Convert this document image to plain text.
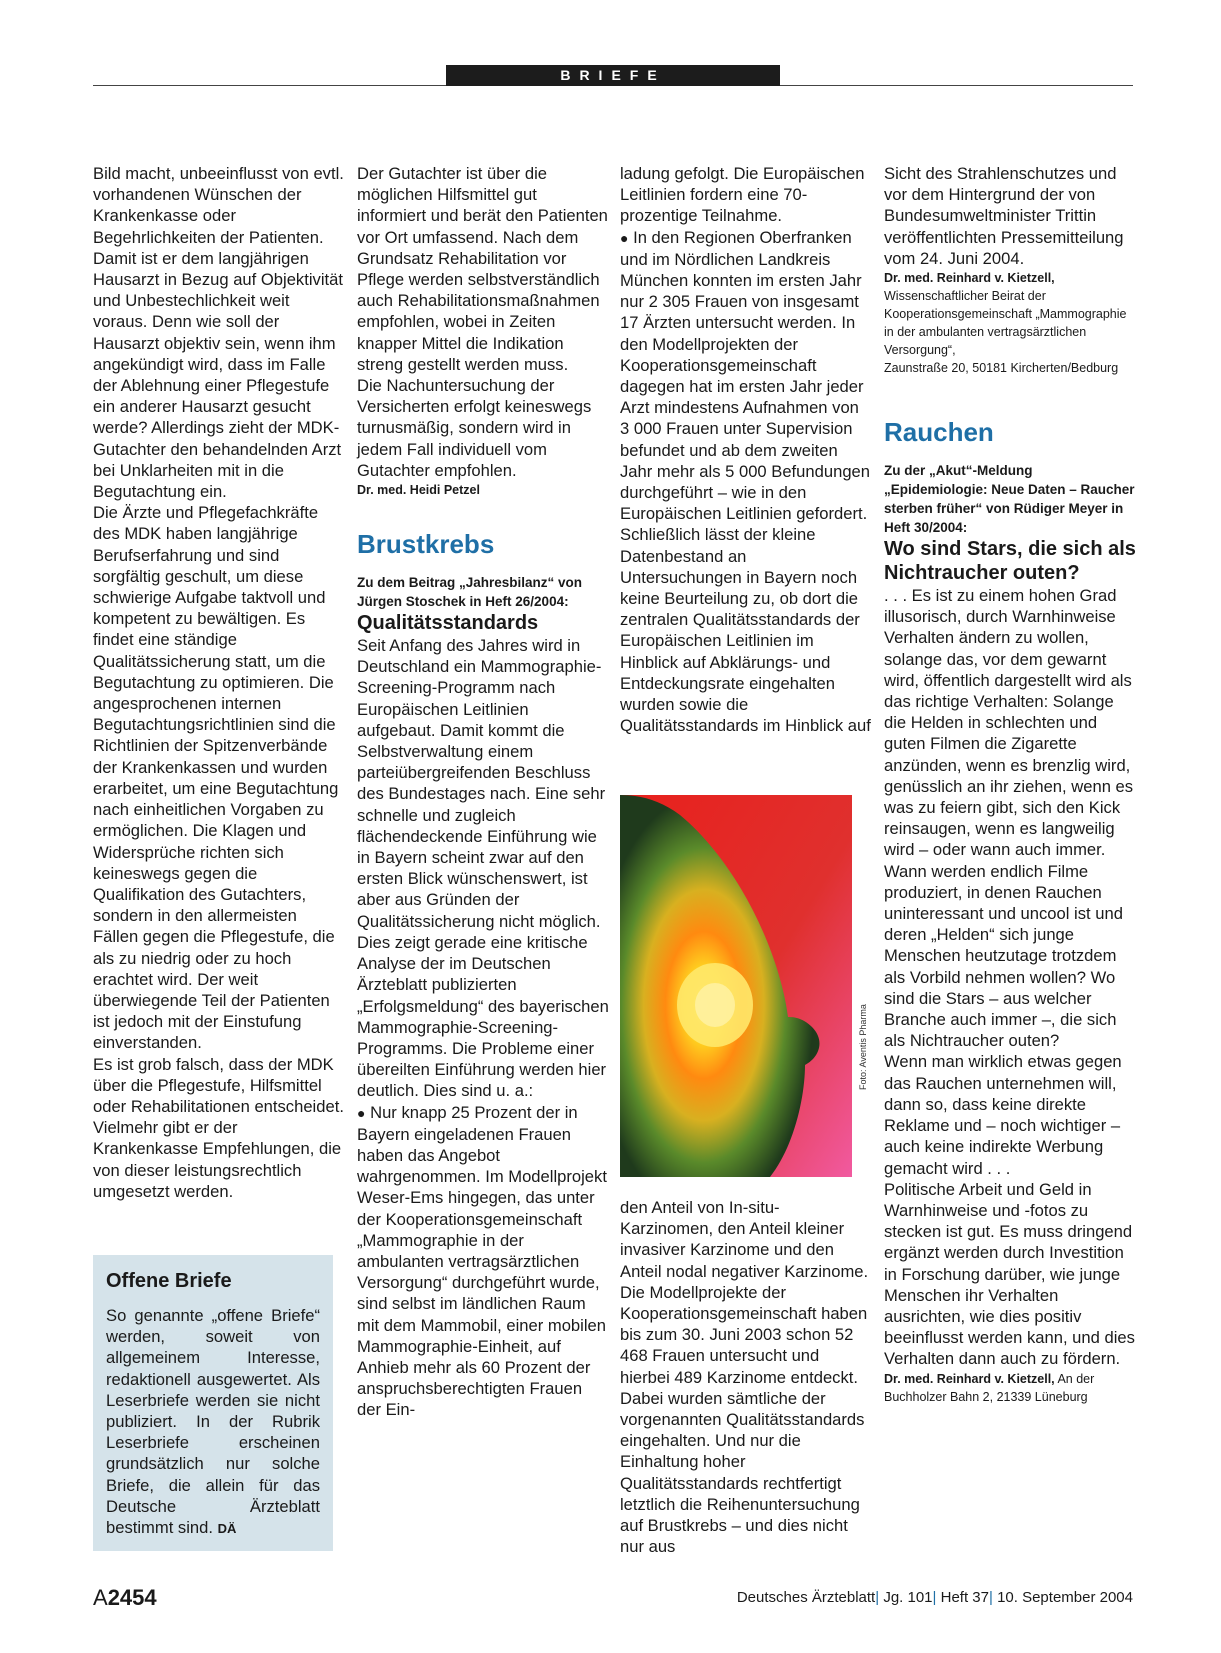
BRIEFE

Bild macht, unbeeinflusst von evtl. vorhandenen Wünschen der Krankenkasse oder Begehrlichkeiten der Patienten. Damit ist er dem langjährigen Hausarzt in Bezug auf Objektivität und Unbestechlichkeit weit voraus. Denn wie soll der Hausarzt objektiv sein, wenn ihm angekündigt wird, dass im Falle der Ablehnung einer Pflegestufe ein anderer Hausarzt gesucht werde? Allerdings zieht der MDK-Gutachter den behandelnden Arzt bei Unklarheiten mit in die Begutachtung ein.

Die Ärzte und Pflegefachkräfte des MDK haben langjährige Berufserfahrung und sind sorgfältig geschult, um diese schwierige Aufgabe taktvoll und kompetent zu bewältigen. Es findet eine ständige Qualitätssicherung statt, um die Begutachtung zu optimieren. Die angesprochenen internen Begutachtungsrichtlinien sind die Richtlinien der Spitzenverbände der Krankenkassen und wurden erarbeitet, um eine Begutachtung nach einheitlichen Vorgaben zu ermöglichen. Die Klagen und Widersprüche richten sich keineswegs gegen die Qualifikation des Gutachters, sondern in den allermeisten Fällen gegen die Pflegestufe, die als zu niedrig oder zu hoch erachtet wird. Der weit überwiegende Teil der Patienten ist jedoch mit der Einstufung einverstanden.

Es ist grob falsch, dass der MDK über die Pflegestufe, Hilfsmittel oder Rehabilitationen entscheidet. Vielmehr gibt er der Krankenkasse Empfehlungen, die von dieser leistungsrechtlich umgesetzt werden.

Offene Briefe

So genannte „offene Briefe“ werden, soweit von allgemeinem Interesse, redaktionell ausgewertet. Als Leserbriefe werden sie nicht publiziert. In der Rubrik Leserbriefe erscheinen grundsätzlich nur solche Briefe, die allein für das Deutsche Ärzteblatt bestimmt sind. DÄ

Der Gutachter ist über die möglichen Hilfsmittel gut informiert und berät den Patienten vor Ort umfassend. Nach dem Grundsatz Rehabilitation vor Pflege werden selbstverständlich auch Rehabilitationsmaßnahmen empfohlen, wobei in Zeiten knapper Mittel die Indikation streng gestellt werden muss.

Die Nachuntersuchung der Versicherten erfolgt keineswegs turnusmäßig, sondern wird in jedem Fall individuell vom Gutachter empfohlen.

Dr. med. Heidi Petzel

Brustkrebs

Zu dem Beitrag „Jahresbilanz“ von Jürgen Stoschek in Heft 26/2004:

Qualitätsstandards

Seit Anfang des Jahres wird in Deutschland ein Mammographie-Screening-Programm nach Europäischen Leitlinien aufgebaut. Damit kommt die Selbstverwaltung einem parteiübergreifenden Beschluss des Bundestages nach. Eine sehr schnelle und zugleich flächendeckende Einführung wie in Bayern scheint zwar auf den ersten Blick wünschenswert, ist aber aus Gründen der Qualitätssicherung nicht möglich. Dies zeigt gerade eine kritische Analyse der im Deutschen Ärzteblatt publizierten „Erfolgsmeldung“ des bayerischen Mammographie-Screening-Programms. Die Probleme einer übereilten Einführung werden hier deutlich. Dies sind u. a.:

● Nur knapp 25 Prozent der in Bayern eingeladenen Frauen haben das Angebot wahrgenommen. Im Modellprojekt Weser-Ems hingegen, das unter der Kooperationsgemeinschaft „Mammographie in der ambulanten vertragsärztlichen Versorgung“ durchgeführt wurde, sind selbst im ländlichen Raum mit dem Mammobil, einer mobilen Mammographie-Einheit, auf Anhieb mehr als 60 Prozent der anspruchsberechtigten Frauen der Ein-

ladung gefolgt. Die Europäischen Leitlinien fordern eine 70-prozentige Teilnahme.

● In den Regionen Oberfranken und im Nördlichen Landkreis München konnten im ersten Jahr nur 2 305 Frauen von insgesamt 17 Ärzten untersucht werden. In den Modellprojekten der Kooperationsgemeinschaft dagegen hat im ersten Jahr jeder Arzt mindestens Aufnahmen von 3 000 Frauen unter Supervision befundet und ab dem zweiten Jahr mehr als 5 000 Befundungen durchgeführt – wie in den Europäischen Leitlinien gefordert.

Schließlich lässt der kleine Datenbestand an Untersuchungen in Bayern noch keine Beurteilung zu, ob dort die zentralen Qualitätsstandards der Europäischen Leitlinien im Hinblick auf Abklärungs- und Entdeckungsrate eingehalten wurden sowie die Qualitätsstandards im Hinblick auf

Foto: Aventis Pharma

den Anteil von In-situ-Karzinomen, den Anteil kleiner invasiver Karzinome und den Anteil nodal negativer Karzinome. Die Modellprojekte der Kooperationsgemeinschaft haben bis zum 30. Juni 2003 schon 52 468 Frauen untersucht und hierbei 489 Karzinome entdeckt. Dabei wurden sämtliche der vorgenannten Qualitätsstandards eingehalten. Und nur die Einhaltung hoher Qualitätsstandards rechtfertigt letztlich die Reihenuntersuchung auf Brustkrebs – und dies nicht nur aus

Sicht des Strahlenschutzes und vor dem Hintergrund der von Bundesumweltminister Trittin veröffentlichten Pressemitteilung vom 24. Juni 2004.

Dr. med. Reinhard v. Kietzell,

Wissenschaftlicher Beirat der Kooperationsgemeinschaft „Mammographie in der ambulanten vertragsärztlichen Versorgung“,

Zaunstraße 20, 50181 Kircherten/Bedburg

Rauchen

Zu der „Akut“-Meldung „Epidemiologie: Neue Daten – Raucher sterben früher“ von Rüdiger Meyer in Heft 30/2004:

Wo sind Stars, die sich als Nichtraucher outen?

. . . Es ist zu einem hohen Grad illusorisch, durch Warnhinweise Verhalten ändern zu wollen, solange das, vor dem gewarnt wird, öffentlich dargestellt wird als das richtige Verhalten: Solange die Helden in schlechten und guten Filmen die Zigarette anzünden, wenn es brenzlig wird, genüsslich an ihr ziehen, wenn es was zu feiern gibt, sich den Kick reinsaugen, wenn es langweilig wird – oder wann auch immer.

Wann werden endlich Filme produziert, in denen Rauchen uninteressant und uncool ist und deren „Helden“ sich junge Menschen heutzutage trotzdem als Vorbild nehmen wollen? Wo sind die Stars – aus welcher Branche auch immer –, die sich als Nichtraucher outen?

Wenn man wirklich etwas gegen das Rauchen unternehmen will, dann so, dass keine direkte Reklame und – noch wichtiger – auch keine indirekte Werbung gemacht wird . . .

Politische Arbeit und Geld in Warnhinweise und -fotos zu stecken ist gut. Es muss dringend ergänzt werden durch Investition in Forschung darüber, wie junge Menschen ihr Verhalten ausrichten, wie dies positiv beeinflusst werden kann, und dies Verhalten dann auch zu fördern.

Dr. med. Reinhard v. Kietzell, An der Buchholzer Bahn 2, 21339 Lüneburg

A2454	Deutsches Ärzteblatt| Jg. 101| Heft 37| 10. September 2004
